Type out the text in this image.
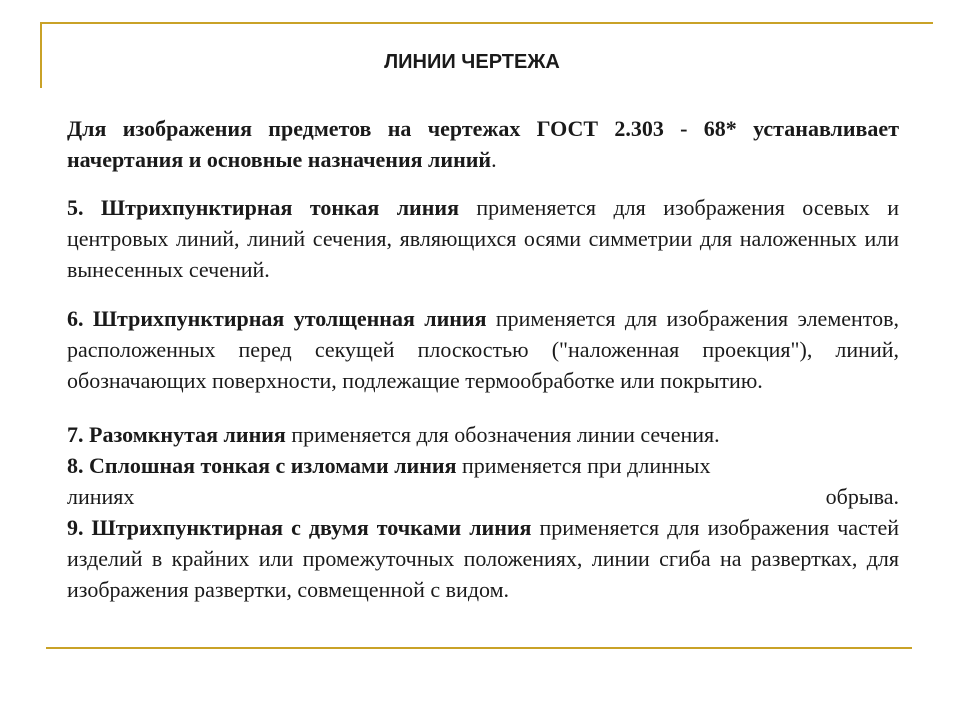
ЛИНИИ ЧЕРТЕЖА

Для изображения предметов на чертежах ГОСТ 2.303 - 68* устанавливает начертания и основные назначения линий.

5. Штрихпунктирная тонкая линия применяется для изображения осевых и центровых линий, линий сечения, являющихся осями симметрии для наложенных или вынесенных сечений.

6. Штрихпунктирная утолщенная линия применяется для изображения элементов, расположенных перед секущей плоскостью ("наложенная проекция"), линий, обозначающих поверхности, подлежащие термообработке или покрытию.

7. Разомкнутая линия применяется для обозначения линии сечения.

8. Сплошная тонкая с изломами линия применяется при длинных

линиях	обрыва.

9. Штрихпунктирная с двумя точками линия применяется для изображения частей изделий в крайних или промежуточных положениях, линии сгиба на развертках, для изображения развертки, совмещенной с видом.
